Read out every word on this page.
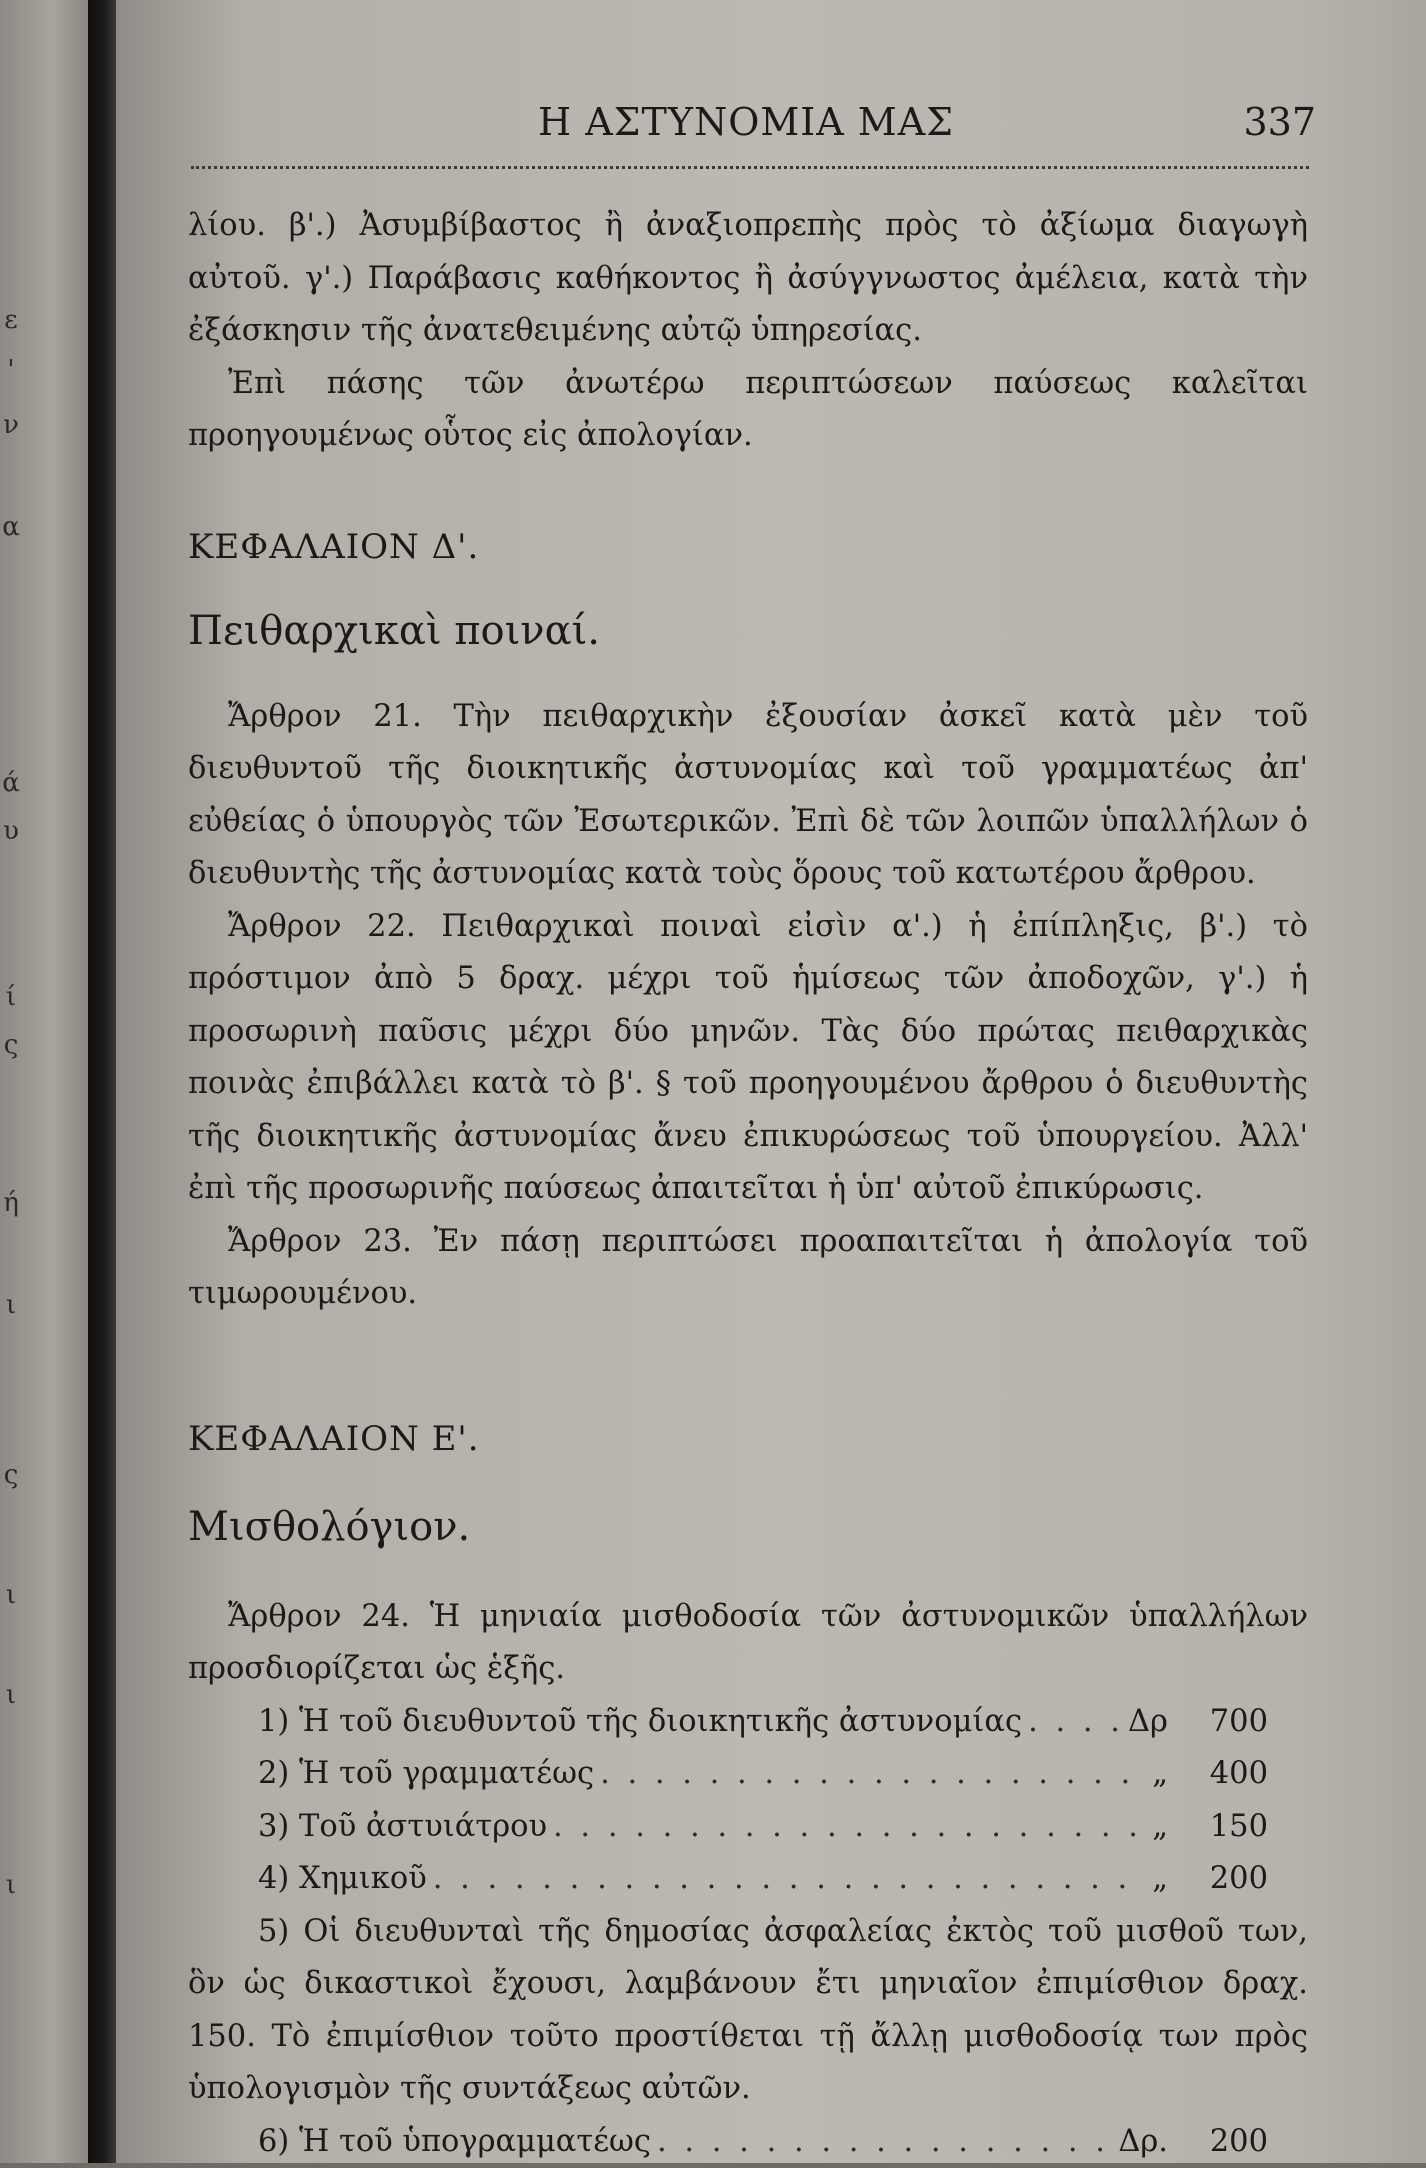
ε
'
ν
α
ά
υ
ί
ς
ή
ι
ς
ι
ι
ι
Η ΑΣΤΥΝΟΜΙΑ ΜΑΣ	337

λίου. β'.) Ἀσυμβίβαστος ἢ ἀναξιοπρεπὴς πρὸς τὸ ἀξίωμα διαγωγὴ αὐτοῦ. γ'.) Παράβασις καθήκοντος ἢ ἀσύγγνωστος ἀμέλεια, κατὰ τὴν ἐξάσκησιν τῆς ἀνατεθειμένης αὐτῷ ὑπηρεσίας.

Ἐπὶ πάσης τῶν ἀνωτέρω περιπτώσεων παύσεως καλεῖται προηγουμένως οὗτος εἰς ἀπολογίαν.

ΚΕΦΑΛΑΙΟΝ Δ'.

Πειθαρχικαὶ ποιναί.

Ἄρθρον 21. Τὴν πειθαρχικὴν ἐξουσίαν ἀσκεῖ κατὰ μὲν τοῦ διευθυντοῦ τῆς διοικητικῆς ἀστυνομίας καὶ τοῦ γραμματέως ἀπ' εὐθείας ὁ ὑπουργὸς τῶν Ἐσωτερικῶν. Ἐπὶ δὲ τῶν λοιπῶν ὑπαλλήλων ὁ διευθυντὴς τῆς ἀστυνομίας κατὰ τοὺς ὅρους τοῦ κατωτέρου ἄρθρου.

Ἄρθρον 22. Πειθαρχικαὶ ποιναὶ εἰσὶν α'.) ἡ ἐπίπληξις, β'.) τὸ πρόστιμον ἀπὸ 5 δραχ. μέχρι τοῦ ἡμίσεως τῶν ἀποδοχῶν, γ'.) ἡ προσωρινὴ παῦσις μέχρι δύο μηνῶν. Τὰς δύο πρώτας πειθαρχικὰς ποινὰς ἐπιβάλλει κατὰ τὸ β'. § τοῦ προηγουμένου ἄρθρου ὁ διευθυντὴς τῆς διοικητικῆς ἀστυνομίας ἄνευ ἐπικυρώσεως τοῦ ὑπουργείου. Ἀλλ' ἐπὶ τῆς προσωρινῆς παύσεως ἀπαιτεῖται ἡ ὑπ' αὐτοῦ ἐπικύρωσις.

Ἄρθρον 23. Ἐν πάσῃ περιπτώσει προαπαιτεῖται ἡ ἀπολογία τοῦ τιμωρουμένου.

ΚΕΦΑΛΑΙΟΝ Ε'.

Μισθολόγιον.

Ἄρθρον 24. Ἡ μηνιαία μισθοδοσία τῶν ἀστυνομικῶν ὑπαλλήλων προσδιορίζεται ὡς ἑξῆς.

1) Ἡ τοῦ διευθυντοῦ τῆς διοικητικῆς ἀστυνομίας . . .	Δρ	700
2) Ἡ τοῦ γραμματέως . . .	„	400
3) Τοῦ ἀστυιάτρου . . .	„	150
4) Χημικοῦ . . .	„	200

5) Οἱ διευθυνταὶ τῆς δημοσίας ἀσφαλείας ἐκτὸς τοῦ μισθοῦ των, ὃν ὡς δικαστικοὶ ἔχουσι, λαμβάνουν ἔτι μηνιαῖον ἐπιμίσθιον δραχ. 150. Τὸ ἐπιμίσθιον τοῦτο προστίθεται τῇ ἄλλῃ μισθοδοσίᾳ των πρὸς ὑπολογισμὸν τῆς συντάξεως αὐτῶν.

6) Ἡ τοῦ ὑπογραμματέως . . .	Δρ.	200
